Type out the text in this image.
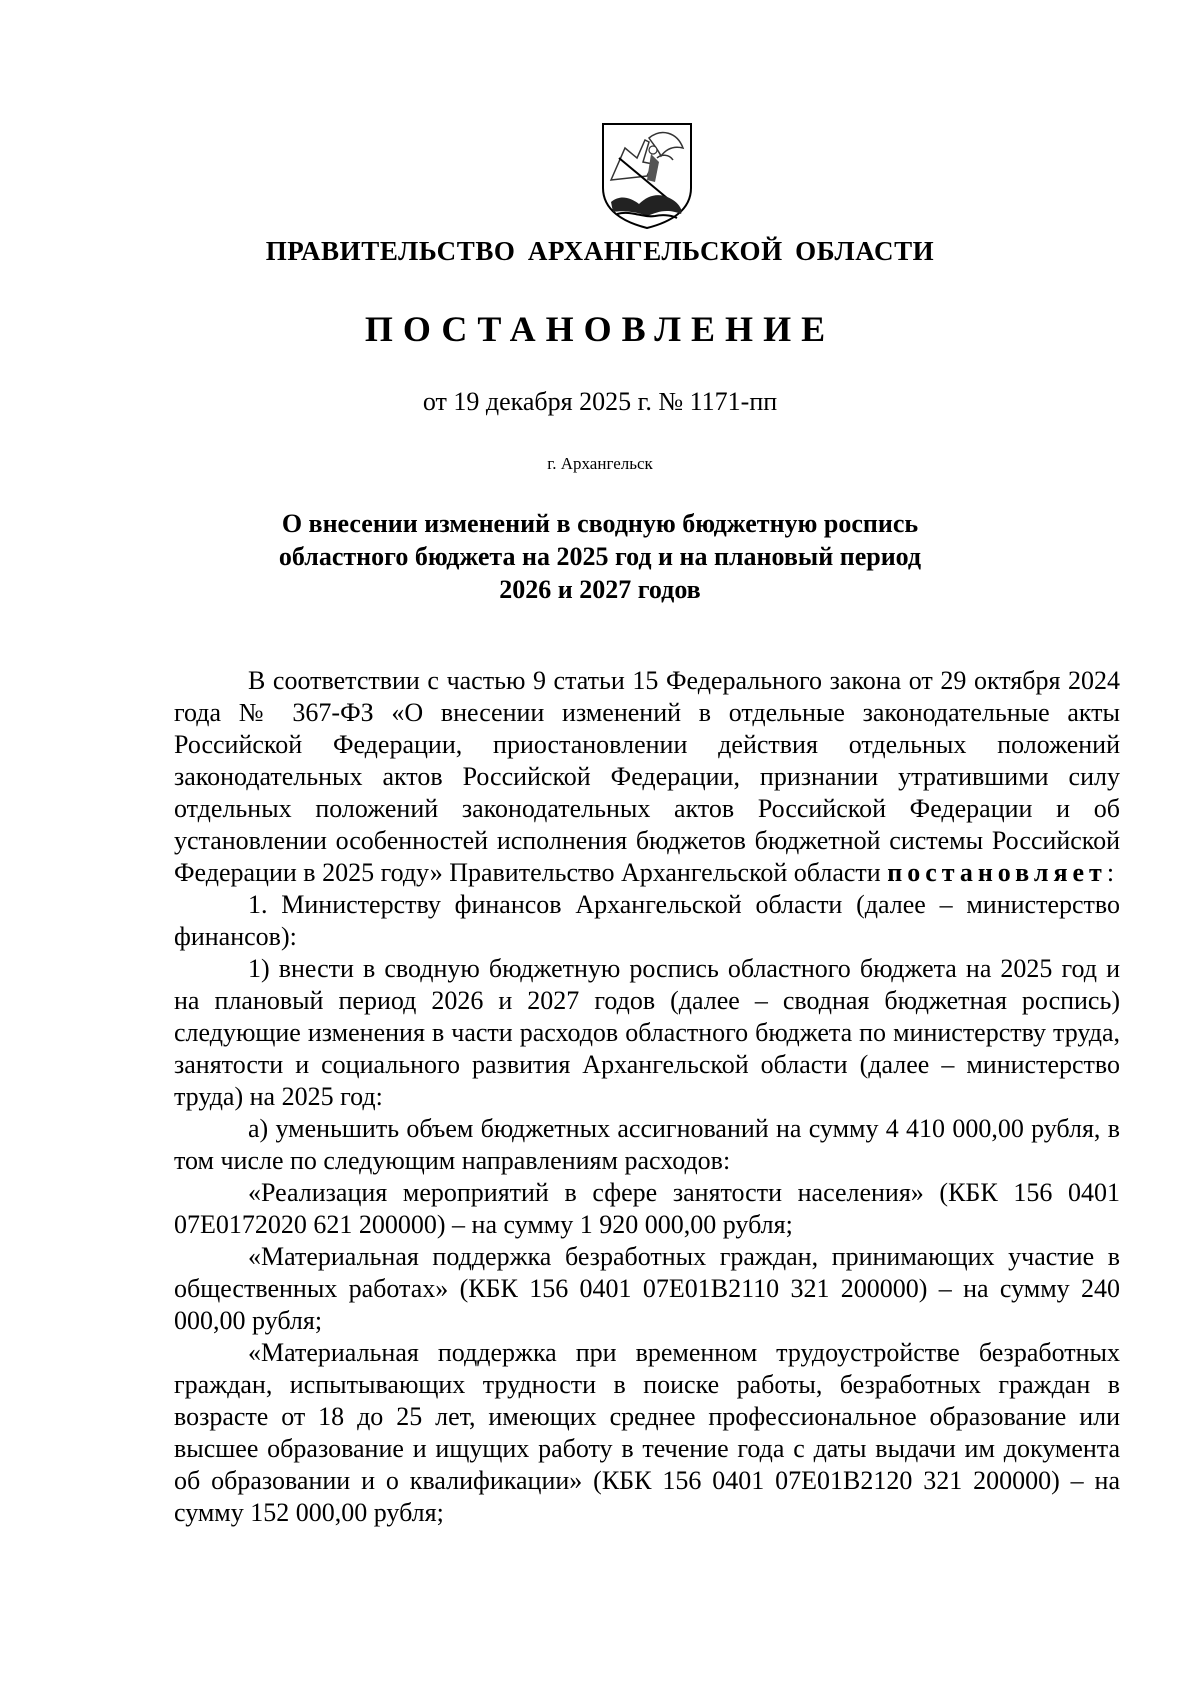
ПРАВИТЕЛЬСТВО АРХАНГЕЛЬСКОЙ ОБЛАСТИ
ПОСТАНОВЛЕНИЕ
от 19 декабря 2025 г. № 1171-пп
г. Архангельск
О внесении изменений в сводную бюджетную роспись
областного бюджета на 2025 год и на плановый период
2026 и 2027 годов

В соответствии с частью 9 статьи 15 Федерального закона от 29 октября 2024 года № 367-ФЗ «О внесении изменений в отдельные законодательные акты Российской Федерации, приостановлении действия отдельных положений законодательных актов Российской Федерации, признании утратившими силу отдельных положений законодательных актов Российской Федерации и об установлении особенностей исполнения бюджетов бюджетной системы Российской Федерации в 2025 году» Правительство Архангельской области постановляет:

1. Министерству финансов Архангельской области (далее – министерство финансов):

1) внести в сводную бюджетную роспись областного бюджета на 2025 год и на плановый период 2026 и 2027 годов (далее – сводная бюджетная роспись) следующие изменения в части расходов областного бюджета по министерству труда, занятости и социального развития Архангельской области (далее – министерство труда) на 2025 год:

а) уменьшить объем бюджетных ассигнований на сумму 4 410 000,00 рубля, в том числе по следующим направлениям расходов:

«Реализация мероприятий в сфере занятости населения» (КБК 156 0401 07Е0172020 621 200000) – на сумму 1 920 000,00 рубля;

«Материальная поддержка безработных граждан, принимающих участие в общественных работах» (КБК 156 0401 07Е01В2110 321 200000) – на сумму 240 000,00 рубля;

«Материальная поддержка при временном трудоустройстве безработных граждан, испытывающих трудности в поиске работы, безработных граждан в возрасте от 18 до 25 лет, имеющих среднее профессиональное образование или высшее образование и ищущих работу в течение года с даты выдачи им документа об образовании и о квалификации» (КБК 156 0401 07Е01В2120 321 200000) – на сумму 152 000,00 рубля;
